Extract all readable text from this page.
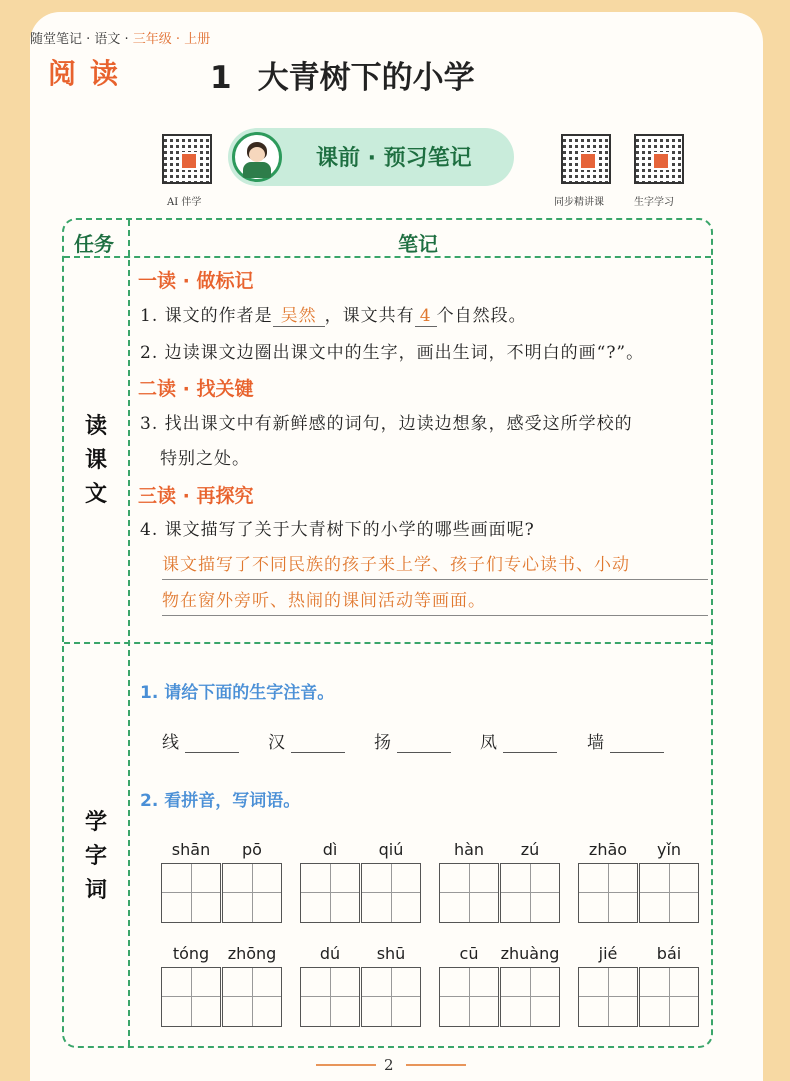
随堂笔记 · 语文 · 三年级 · 上册
阅读	1 大青树下的小学
AI 伴学	同步精讲课	生字学习
课前 · 预习笔记
任务	笔记
读
课
文
学
字
词
一读 · 做标记
1. 课文的作者是 吴然 ，课文共有 4 个自然段。
2. 边读课文边圈出课文中的生字，画出生词，不明白的画“?”。
二读 · 找关键
3. 找出课文中有新鲜感的词句，边读边想象，感受这所学校的
特别之处。
三读 · 再探究
4. 课文描写了关于大青树下的小学的哪些画面呢?
课文描写了不同民族的孩子来上学、孩子们专心读书、小动
物在窗外旁听、热闹的课间活动等画面。
1. 请给下面的生字注音。
线	汉	扬	凤	墙
2. 看拼音，写词语。
shān	pō	dì	qiú	hàn	zú	zhāo	yǐn
tóng	zhōng	dú	shū	cū	zhuàng	jié	bái
2
